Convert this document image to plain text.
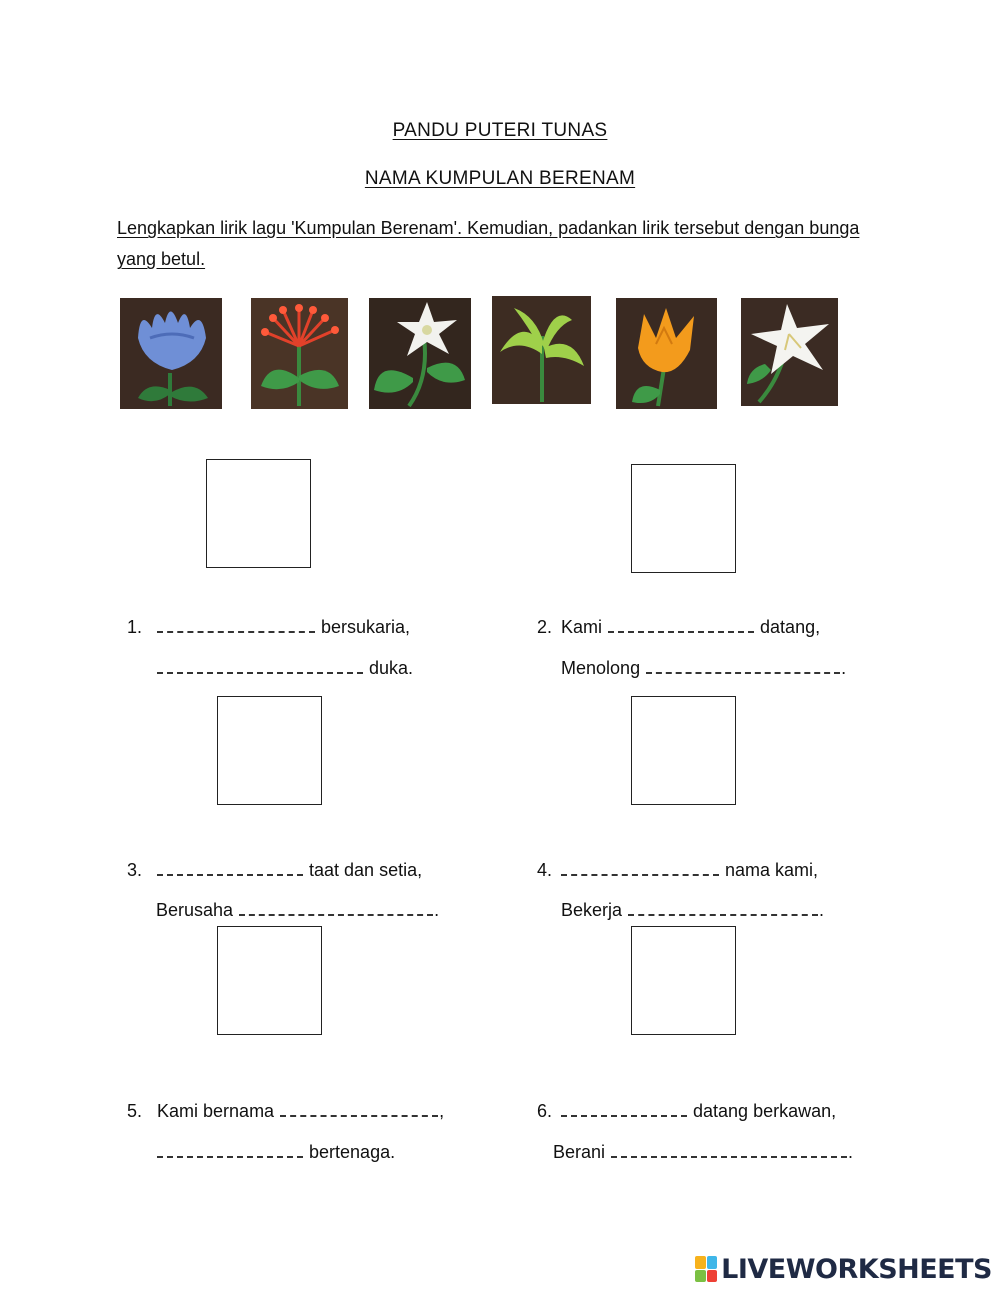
PANDU PUTERI TUNAS
NAMA KUMPULAN BERENAM
Lengkapkan lirik lagu 'Kumpulan Berenam'. Kemudian, padankan lirik tersebut dengan bunga yang betul.

1.	bersukaria,

duka.

2. Kami	datang,

Menolong	.

3.	taat dan setia,

Berusaha	.

4.	nama kami,

Bekerja	.

5. Kami bernama	,

bertenaga.

6.	datang berkawan,

Berani	.

LIVEWORKSHEETS
